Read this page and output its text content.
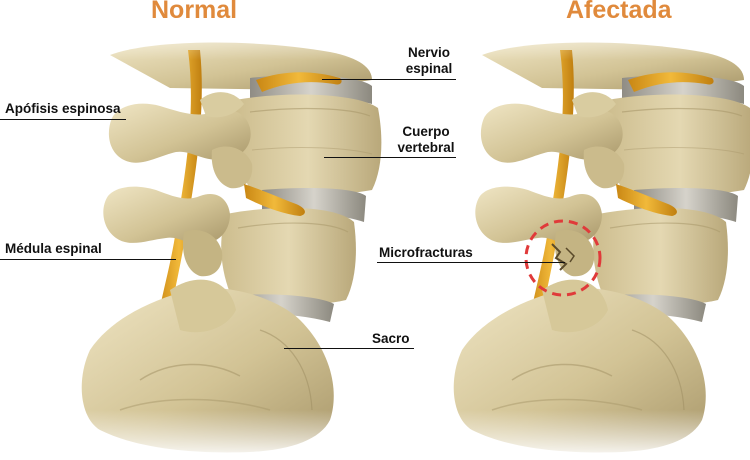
Normal	Afectada
Nervio
espinal
Apófisis espinosa
Cuerpo
vertebral
Médula espinal
Sacro
Microfracturas
